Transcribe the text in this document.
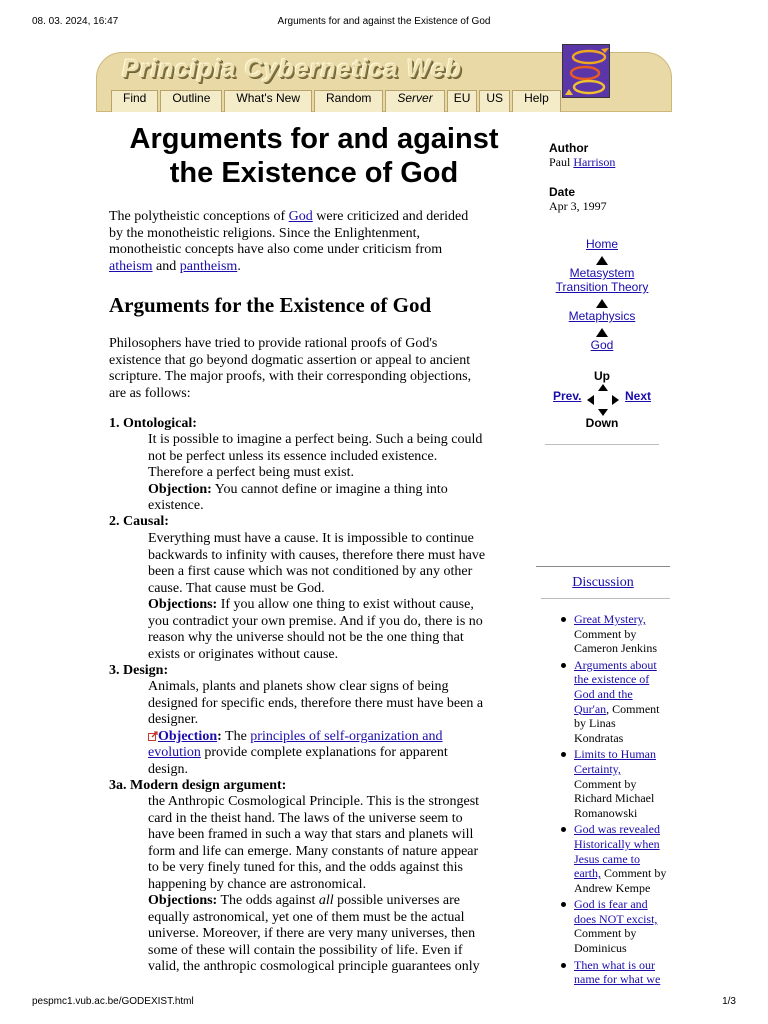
08. 03. 2024, 16:47	Arguments for and against the Existence of God
Principia Cybernetica Web
Find	Outline	What's New	Random	Server	EU	US	Help
Arguments for and against
the Existence of God
The polytheistic conceptions of God were criticized and derided
by the monotheistic religions. Since the Enlightenment,
monotheistic concepts have also come under criticism from
atheism and pantheism.
Arguments for the Existence of God
Philosophers have tried to provide rational proofs of God's
existence that go beyond dogmatic assertion or appeal to ancient
scripture. The major proofs, with their corresponding objections,
are as follows:
1. Ontological:
It is possible to imagine a perfect being. Such a being could
not be perfect unless its essence included existence.
Therefore a perfect being must exist.
Objection: You cannot define or imagine a thing into
existence.
2. Causal:
Everything must have a cause. It is impossible to continue
backwards to infinity with causes, therefore there must have
been a first cause which was not conditioned by any other
cause. That cause must be God.
Objections: If you allow one thing to exist without cause,
you contradict your own premise. And if you do, there is no
reason why the universe should not be the one thing that
exists or originates without cause.
3. Design:
Animals, plants and planets show clear signs of being
designed for specific ends, therefore there must have been a
designer.
Objection: The principles of self-organization and
evolution provide complete explanations for apparent
design.
3a. Modern design argument:
the Anthropic Cosmological Principle. This is the strongest
card in the theist hand. The laws of the universe seem to
have been framed in such a way that stars and planets will
form and life can emerge. Many constants of nature appear
to be very finely tuned for this, and the odds against this
happening by chance are astronomical.
Objections: The odds against all possible universes are
equally astronomical, yet one of them must be the actual
universe. Moreover, if there are very many universes, then
some of these will contain the possibility of life. Even if
valid, the anthropic cosmological principle guarantees only
Author
Paul Harrison
Date
Apr 3, 1997
Home
Metasystem
Transition Theory
Metaphysics
God
Up
Prev.	Next
Down
Discussion
Great Mystery,
Comment by
Cameron Jenkins
Arguments about
the existence of
God and the
Qur'an, Comment
by Linas
Kondratas
Limits to Human
Certainty,
Comment by
Richard Michael
Romanowski
God was revealed
Historically when
Jesus came to
earth, Comment by
Andrew Kempe
God is fear and
does NOT excist,
Comment by
Dominicus
Then what is our
name for what we
pespmc1.vub.ac.be/GODEXIST.html	1/3
